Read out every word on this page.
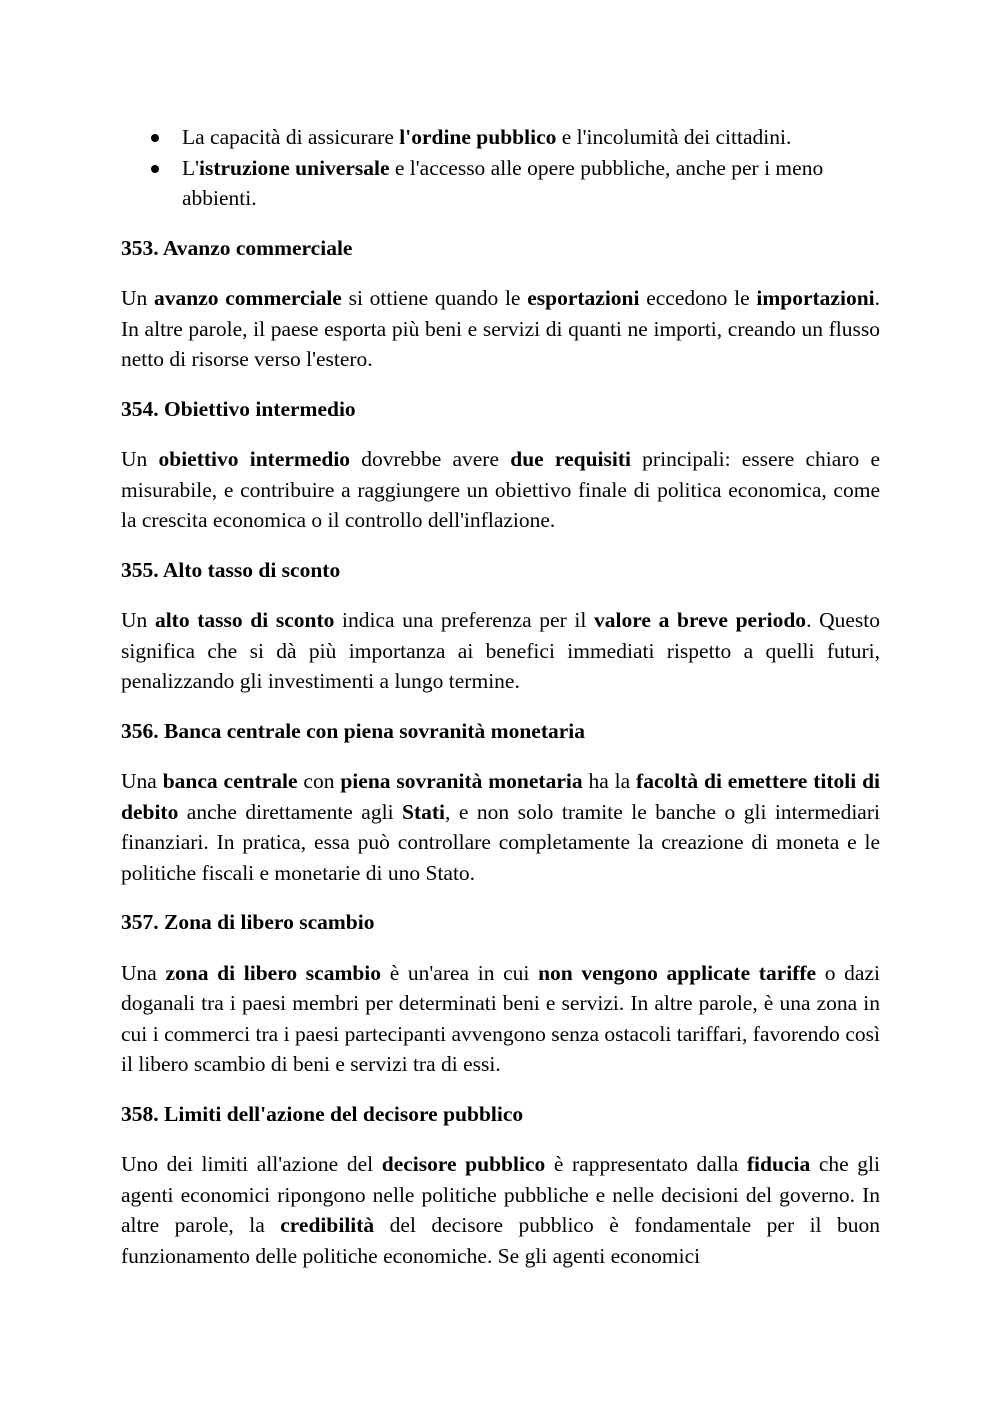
La capacità di assicurare l'ordine pubblico e l'incolumità dei cittadini.
L'istruzione universale e l'accesso alle opere pubbliche, anche per i meno abbienti.
353. Avanzo commerciale

Un avanzo commerciale si ottiene quando le esportazioni eccedono le importazioni. In altre parole, il paese esporta più beni e servizi di quanti ne importi, creando un flusso netto di risorse verso l'estero.

354. Obiettivo intermedio

Un obiettivo intermedio dovrebbe avere due requisiti principali: essere chiaro e misurabile, e contribuire a raggiungere un obiettivo finale di politica economica, come la crescita economica o il controllo dell'inflazione.

355. Alto tasso di sconto

Un alto tasso di sconto indica una preferenza per il valore a breve periodo. Questo significa che si dà più importanza ai benefici immediati rispetto a quelli futuri, penalizzando gli investimenti a lungo termine.

356. Banca centrale con piena sovranità monetaria

Una banca centrale con piena sovranità monetaria ha la facoltà di emettere titoli di debito anche direttamente agli Stati, e non solo tramite le banche o gli intermediari finanziari. In pratica, essa può controllare completamente la creazione di moneta e le politiche fiscali e monetarie di uno Stato.

357. Zona di libero scambio

Una zona di libero scambio è un'area in cui non vengono applicate tariffe o dazi doganali tra i paesi membri per determinati beni e servizi. In altre parole, è una zona in cui i commerci tra i paesi partecipanti avvengono senza ostacoli tariffari, favorendo così il libero scambio di beni e servizi tra di essi.

358. Limiti dell'azione del decisore pubblico

Uno dei limiti all'azione del decisore pubblico è rappresentato dalla fiducia che gli agenti economici ripongono nelle politiche pubbliche e nelle decisioni del governo. In altre parole, la credibilità del decisore pubblico è fondamentale per il buon funzionamento delle politiche economiche. Se gli agenti economici
